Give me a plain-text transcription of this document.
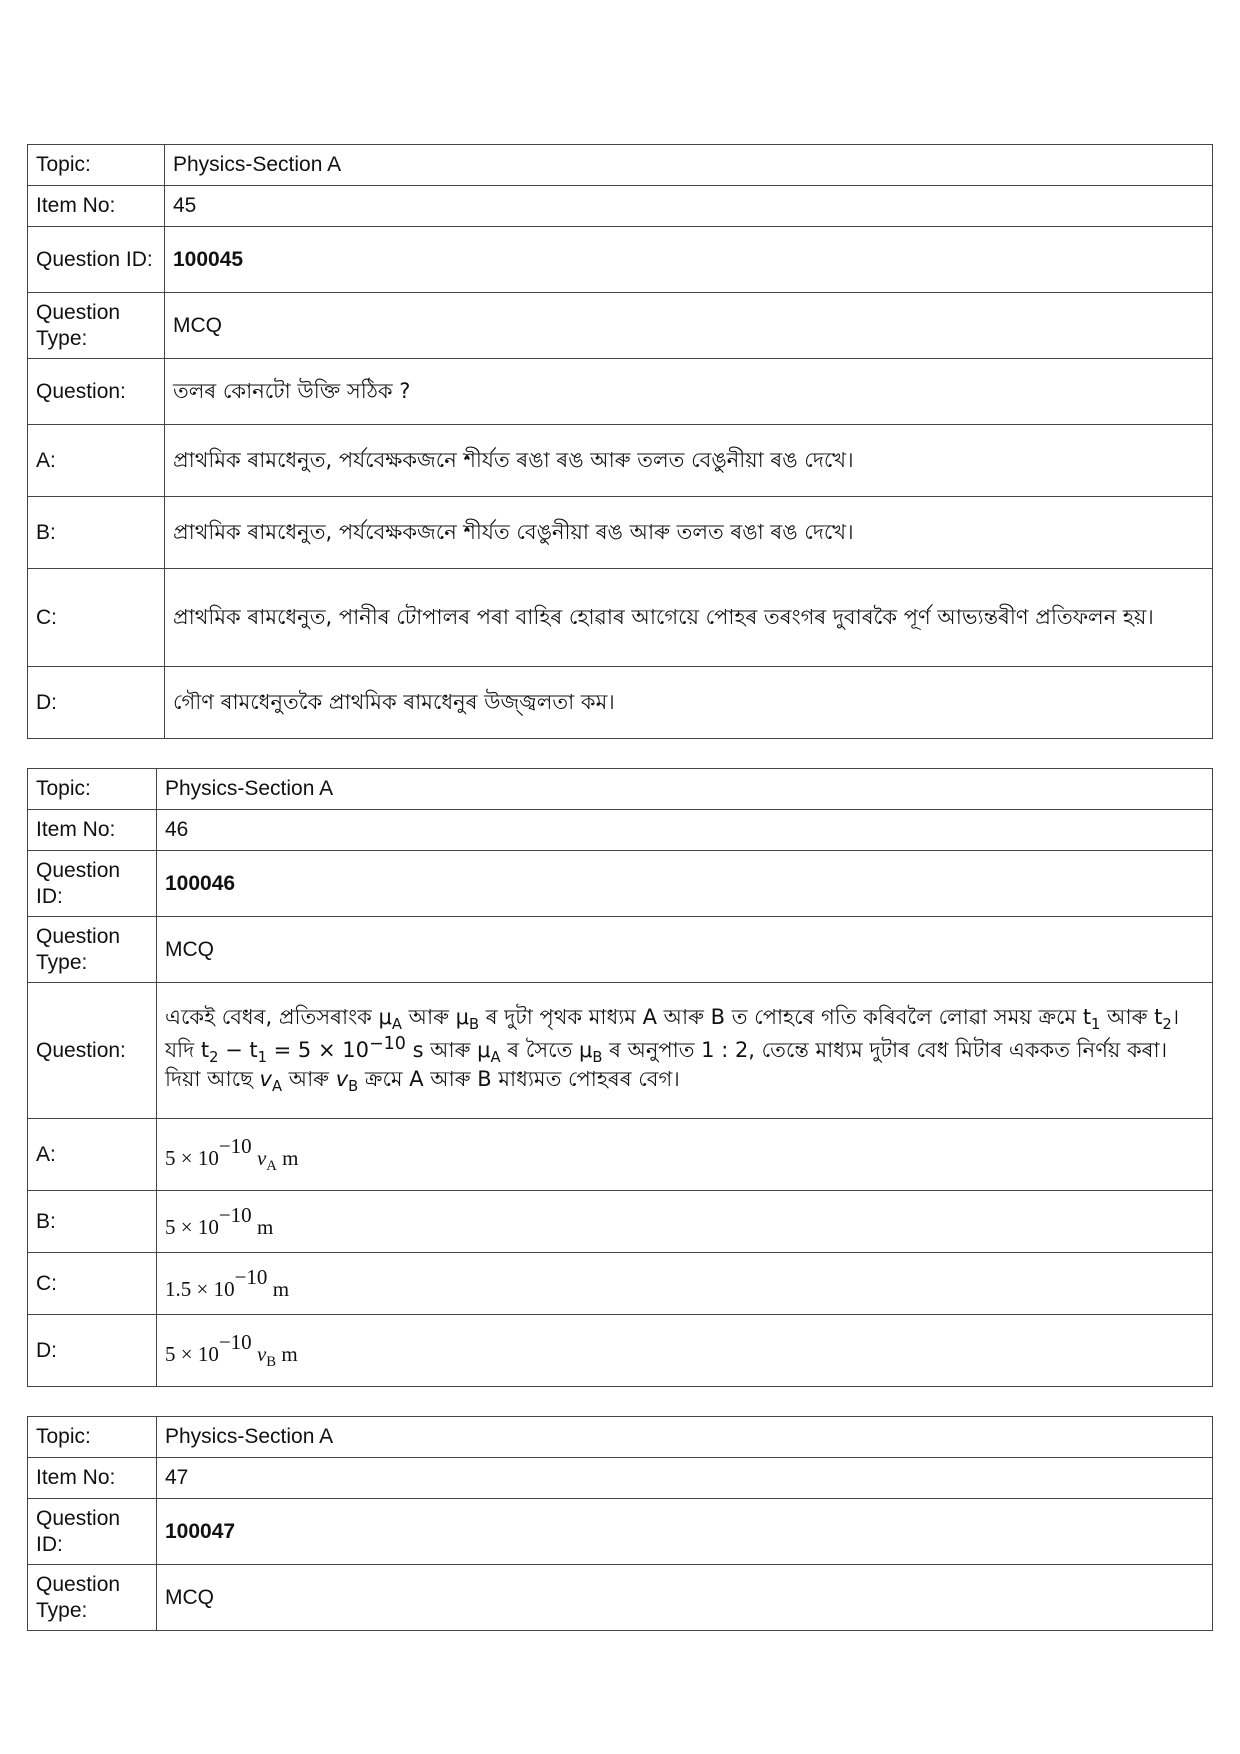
Topic:	Physics-Section A
Item No:	45
Question ID:	100045
Question Type:	MCQ
Question:	তলৰ কোনটো উক্তি সঠিক ?
A:	প্ৰাথমিক ৰামধেনুত, পৰ্যবেক্ষকজনে শীৰ্যত ৰঙা ৰঙ আৰু তলত বেঙুনীয়া ৰঙ দেখে।
B:	প্ৰাথমিক ৰামধেনুত, পৰ্যবেক্ষকজনে শীৰ্যত বেঙুনীয়া ৰঙ আৰু তলত ৰঙা ৰঙ দেখে।
C:	প্ৰাথমিক ৰামধেনুত, পানীৰ টোপালৰ পৰা বাহিৰ হোৱাৰ আগেয়ে পোহৰ তৰংগৰ দুবাৰকৈ পূৰ্ণ আভ্যন্তৰীণ প্ৰতিফলন হয়।
D:	গৌণ ৰামধেনুতকৈ প্ৰাথমিক ৰামধেনুৰ উজ্জ্বলতা কম।
Topic:	Physics-Section A
Item No:	46
Question ID:	100046
Question Type:	MCQ
Question:	একেই বেধৰ, প্ৰতিসৰাংক $\mu_A$ আৰু $\mu_B$ ৰ দুটা পৃথক মাধ্যম A আৰু B ত পোহৰে গতি কৰিবলৈ লোৱা সময় ক্ৰমে $t_1$ আৰু $t_2।$ যদি $t_2 - t_1 = 5 \times 10^{-10}$ s আৰু $\mu_A$ ৰ সৈতে $\mu_B$ ৰ অনুপাত 1 : 2, তেন্তে মাধ্যম দুটাৰ বেধ মিটাৰ এককত নিৰ্ণয় কৰা। দিয়া আছে $v_A$ আৰু $v_B$ ক্ৰমে A আৰু B মাধ্যমত পোহৰৰ বেগ।
A:	$5 \times 10^{-10}$ $v_A$ m
B:	$5 \times 10^{-10}$ m
C:	$1.5 \times 10^{-10}$ m
D:	$5 \times 10^{-10}$ $v_B$ m
Topic:	Physics-Section A
Item No:	47
Question ID:	100047
Question Type:	MCQ
